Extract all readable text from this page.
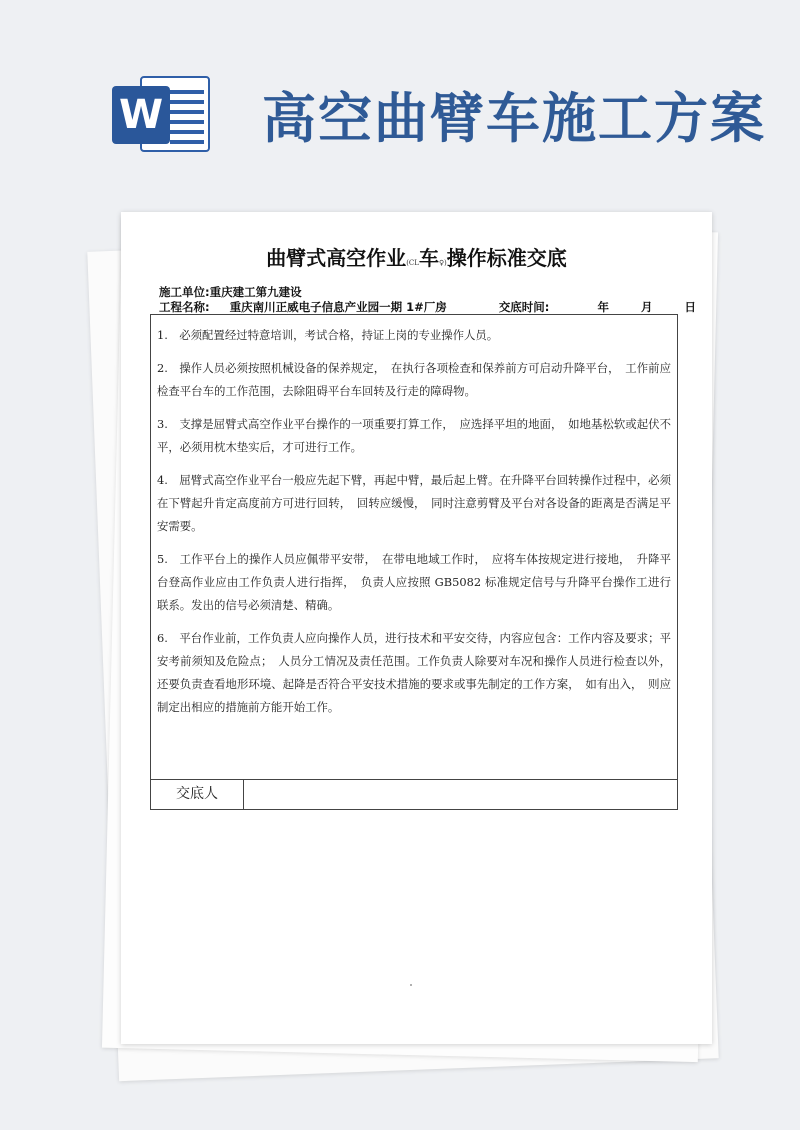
W 高空曲臂车施工方案
曲臂式高空作业(CL车♀)操作标准交底
施工单位:重庆建工第九建设
工程名称: 重庆南川正威电子信息产业园一期 1#厂房	交底时间:	年	月	日

1.　必须配置经过特意培训，考试合格，持证上岗的专业操作人员。

2.　操作人员必须按照机械设备的保养规定，　在执行各项检查和保养前方可启动升降平台，　工作前应检查平台车的工作范围，去除阻碍平台车回转及行走的障碍物。

3.　支撑是屈臂式高空作业平台操作的一项重要打算工作，　应选择平坦的地面，　如地基松软或起伏不平，必须用枕木垫实后，才可进行工作。

4.　屈臂式高空作业平台一般应先起下臂，再起中臂，最后起上臂。在升降平台回转操作过程中，必须在下臂起升肯定高度前方可进行回转，　回转应缓慢，　同时注意剪臂及平台对各设备的距离是否满足平安需要。

5.　工作平台上的操作人员应佩带平安带，　在带电地域工作时，　应将车体按规定进行接地，　升降平台登高作业应由工作负责人进行指挥，　负责人应按照 GB5082 标准规定信号与升降平台操作工进行联系。发出的信号必须清楚、精确。

6.　平台作业前，工作负责人应向操作人员，进行技术和平安交待，内容应包含：工作内容及要求；平安考前须知及危险点；　人员分工情况及责任范围。工作负责人除要对车况和操作人员进行检查以外，还要负责查看地形环境、起降是否符合平安技术措施的要求或事先制定的工作方案，　如有出入，　则应制定出相应的措施前方能开始工作。

交底人
